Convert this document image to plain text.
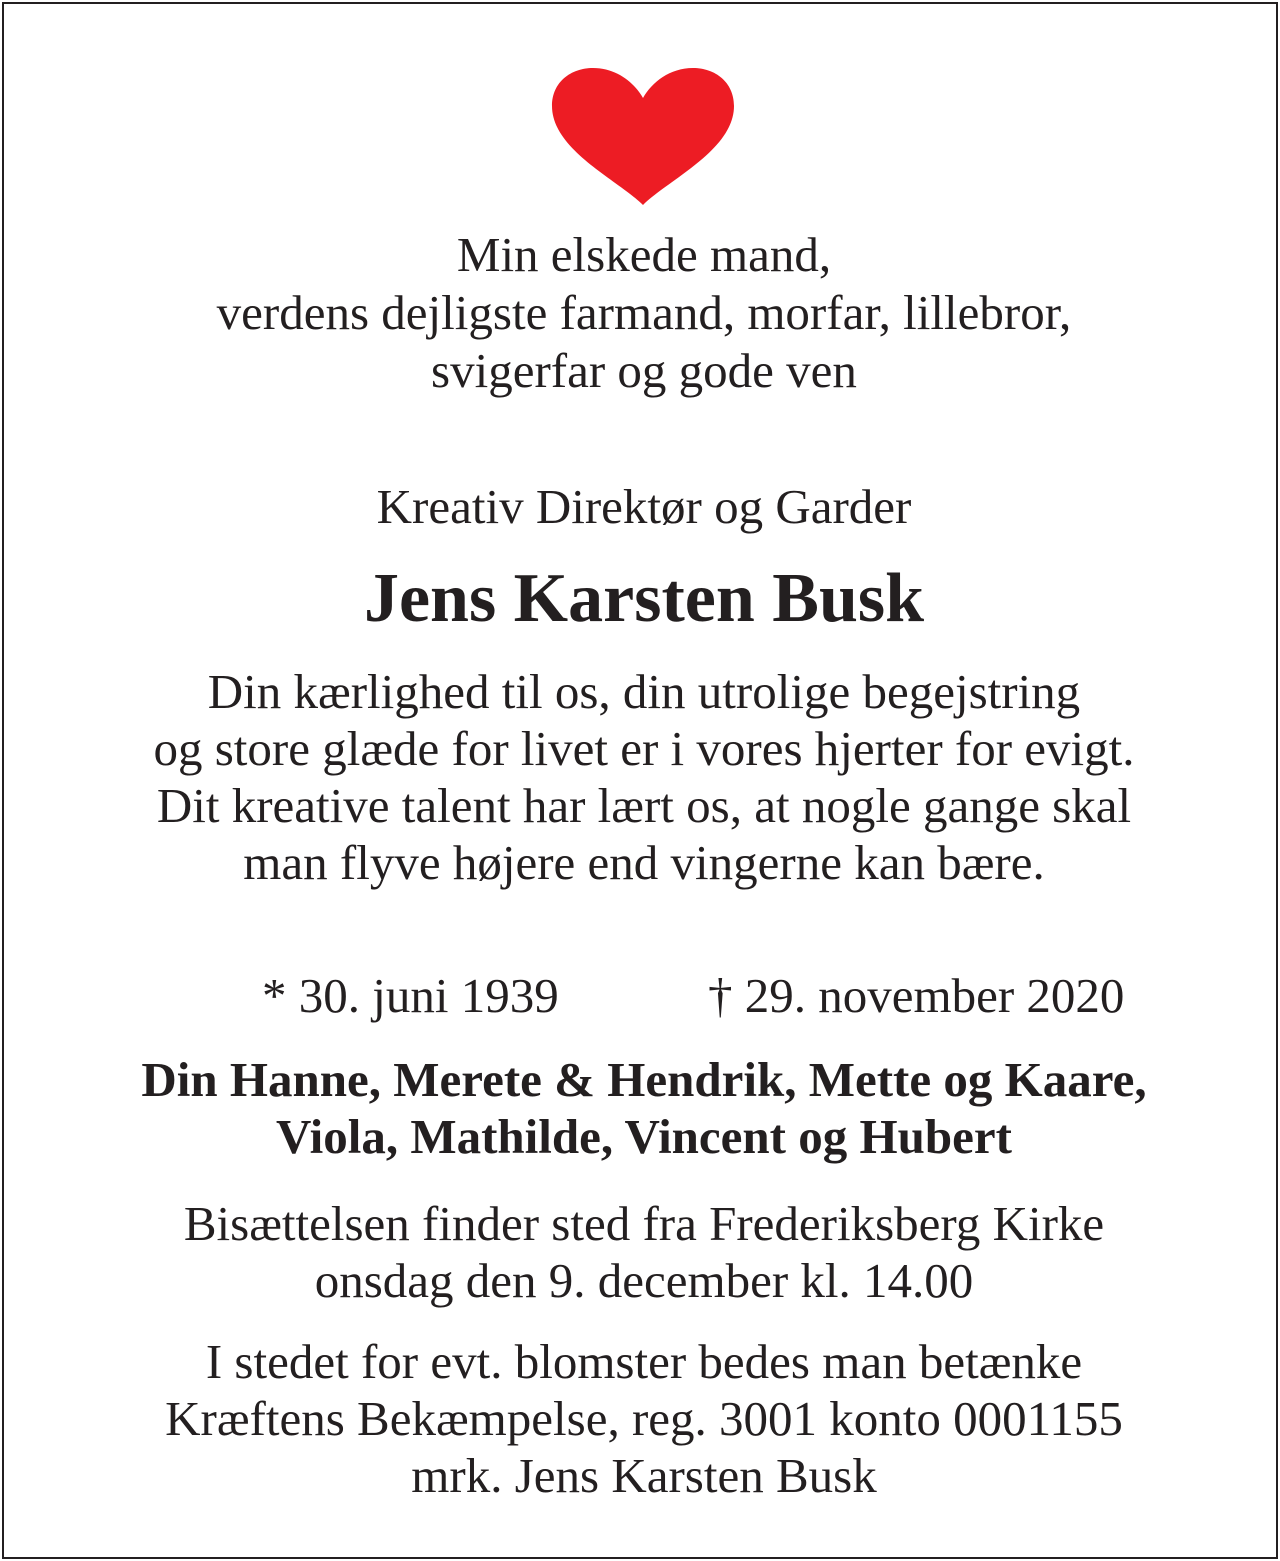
Min elskede mand,
verdens dejligste farmand, morfar, lillebror,
svigerfar og gode ven
Kreativ Direktør og Garder
Jens Karsten Busk
Din kærlighed til os, din utrolige begejstring
og store glæde for livet er i vores hjerter for evigt.
Dit kreative talent har lært os, at nogle gange skal
man flyve højere end vingerne kan bære.
* 30. juni 1939	† 29. november 2020
Din Hanne, Merete & Hendrik, Mette og Kaare,
Viola, Mathilde, Vincent og Hubert
Bisættelsen finder sted fra Frederiksberg Kirke
onsdag den 9. december kl. 14.00
I stedet for evt. blomster bedes man betænke
Kræftens Bekæmpelse, reg. 3001 konto 0001155
mrk. Jens Karsten Busk
